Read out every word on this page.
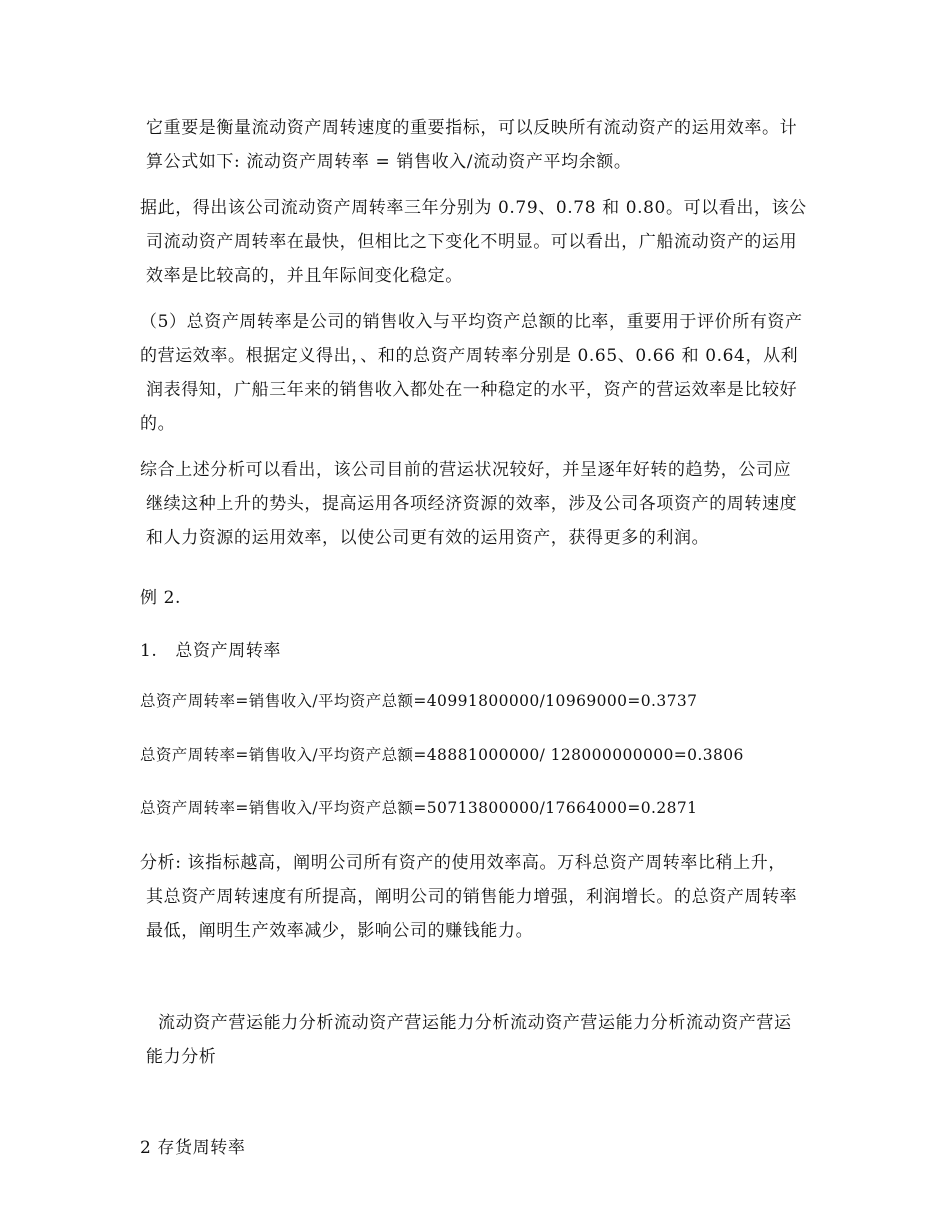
它重要是衡量流动资产周转速度的重要指标，可以反映所有流动资产的运用效率。计
算公式如下: 流动资产周转率 = 销售收入/流动资产平均余额。
据此，得出该公司流动资产周转率三年分别为 0.79、0.78 和 0.80。可以看出，该公
司流动资产周转率在最快，但相比之下变化不明显。可以看出，广船流动资产的运用
效率是比较高的，并且年际间变化稳定。
（5）总资产周转率是公司的销售收入与平均资产总额的比率，重要用于评价所有资产
的营运效率。根据定义得出，、和的总资产周转率分别是 0.65、0.66 和 0.64，从利
润表得知，广船三年来的销售收入都处在一种稳定的水平，资产的营运效率是比较好
的。
综合上述分析可以看出，该公司目前的营运状况较好，并呈逐年好转的趋势，公司应
继续这种上升的势头，提高运用各项经济资源的效率，涉及公司各项资产的周转速度
和人力资源的运用效率，以使公司更有效的运用资产，获得更多的利润。
例 2.
1.   总资产周转率
总资产周转率=销售收入/平均资产总额=40991800000/10969000=0.3737
总资产周转率=销售收入/平均资产总额=48881000000/ 128000000000=0.3806
总资产周转率=销售收入/平均资产总额=50713800000/17664000=0.2871
分析: 该指标越高，阐明公司所有资产的使用效率高。万科总资产周转率比稍上升，
其总资产周转速度有所提高，阐明公司的销售能力增强，利润增长。的总资产周转率
最低，阐明生产效率减少，影响公司的赚钱能力。
流动资产营运能力分析流动资产营运能力分析流动资产营运能力分析流动资产营运
能力分析
2 存货周转率
